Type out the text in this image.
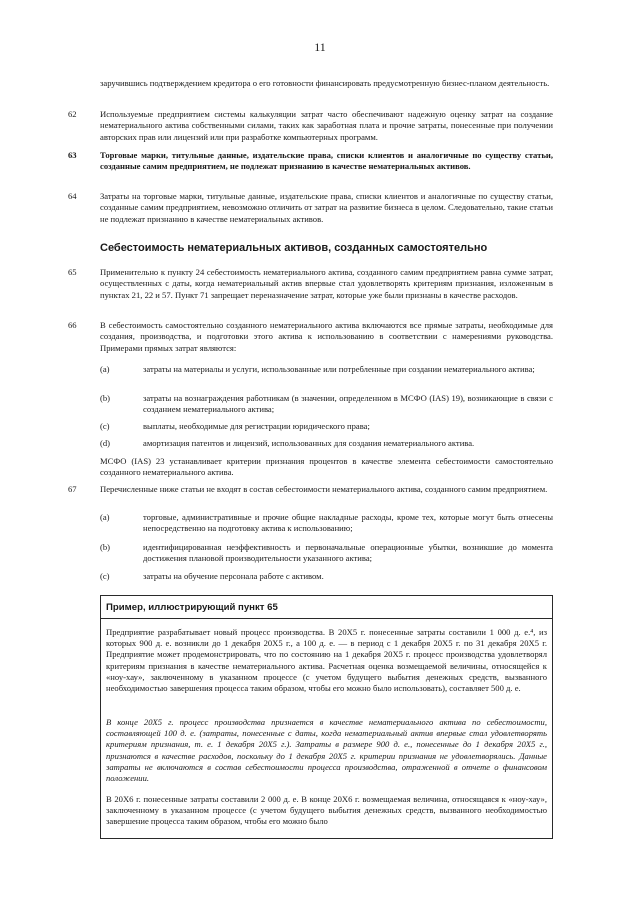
11

заручившись подтверждением кредитора о его готовности финансировать предусмотренную бизнес-планом деятельность.

62	Используемые предприятием системы калькуляции затрат часто обеспечивают надежную оценку затрат на создание нематериального актива собственными силами, таких как заработная плата и прочие затраты, понесенные при получении авторских прав или лицензий или при разработке компьютерных программ.

63	Торговые марки, титульные данные, издательские права, списки клиентов и аналогичные по существу статьи, созданные самим предприятием, не подлежат признанию в качестве нематериальных активов.

64	Затраты на торговые марки, титульные данные, издательские права, списки клиентов и аналогичные по существу статьи, созданные самим предприятием, невозможно отличить от затрат на развитие бизнеса в целом. Следовательно, такие статьи не подлежат признанию в качестве нематериальных активов.

Себестоимость нематериальных активов, созданных самостоятельно
65	Применительно к пункту 24 себестоимость нематериального актива, созданного самим предприятием равна сумме затрат, осуществленных с даты, когда нематериальный актив впервые стал удовлетворять критериям признания, изложенным в пунктах 21, 22 и 57. Пункт 71 запрещает переназначение затрат, которые уже были признаны в качестве расходов.

66	В себестоимость самостоятельно созданного нематериального актива включаются все прямые затраты, необходимые для создания, производства, и подготовки этого актива к использованию в соответствии с намерениями руководства. Примерами прямых затрат являются:

(a)	затраты на материалы и услуги, использованные или потребленные при создании нематериального актива;

(b)	затраты на вознаграждения работникам (в значении, определенном в МСФО (IAS) 19), возникающие в связи с созданием нематериального актива;

(c)	выплаты, необходимые для регистрации юридического права;

(d)	амортизация патентов и лицензий, использованных для создания нематериального актива.

МСФО (IAS) 23 устанавливает критерии признания процентов в качестве элемента себестоимости самостоятельно созданного нематериального актива.

67	Перечисленные ниже статьи не входят в состав себестоимости нематериального актива, созданного самим предприятием.

(a)	торговые, административные и прочие общие накладные расходы, кроме тех, которые могут быть отнесены непосредственно на подготовку актива к использованию;

(b)	идентифицированная неэффективность и первоначальные операционные убытки, возникшие до момента достижения плановой производительности указанного актива;

(c)	затраты на обучение персонала работе с активом.

Пример, иллюстрирующий пункт 65

Предприятие разрабатывает новый процесс производства. В 20X5 г. понесенные затраты составили 1 000 д. е.⁴, из которых 900 д. е. возникли до 1 декабря 20X5 г., а 100 д. е. — в период с 1 декабря 20X5 г. по 31 декабря 20X5 г. Предприятие может продемонстрировать, что по состоянию на 1 декабря 20X5 г. процесс производства удовлетворял критериям признания в качестве нематериального актива. Расчетная оценка возмещаемой величины, относящейся к «ноу-хау», заключенному в указанном процессе (с учетом будущего выбытия денежных средств, вызванного необходимостью завершения процесса таким образом, чтобы его можно было использовать), составляет 500 д. е.

В конце 20X5 г. процесс производства признается в качестве нематериального актива по себестоимости, составляющей 100 д. е. (затраты, понесенные с даты, когда нематериальный актив впервые стал удовлетворять критериям признания, т. е. 1 декабря 20X5 г.). Затраты в размере 900 д. е., понесенные до 1 декабря 20X5 г., признаются в качестве расходов, поскольку до 1 декабря 20X5 г. критерии признания не удовлетворялись. Данные затраты не включаются в состав себестоимости процесса производства, отраженной в отчете о финансовом положении.

В 20X6 г. понесенные затраты составили 2 000 д. е. В конце 20X6 г. возмещаемая величина, относящаяся к «ноу-хау», заключенному в указанном процессе (с учетом будущего выбытия денежных средств, вызванного необходимостью завершение процесса таким образом, чтобы его можно было
